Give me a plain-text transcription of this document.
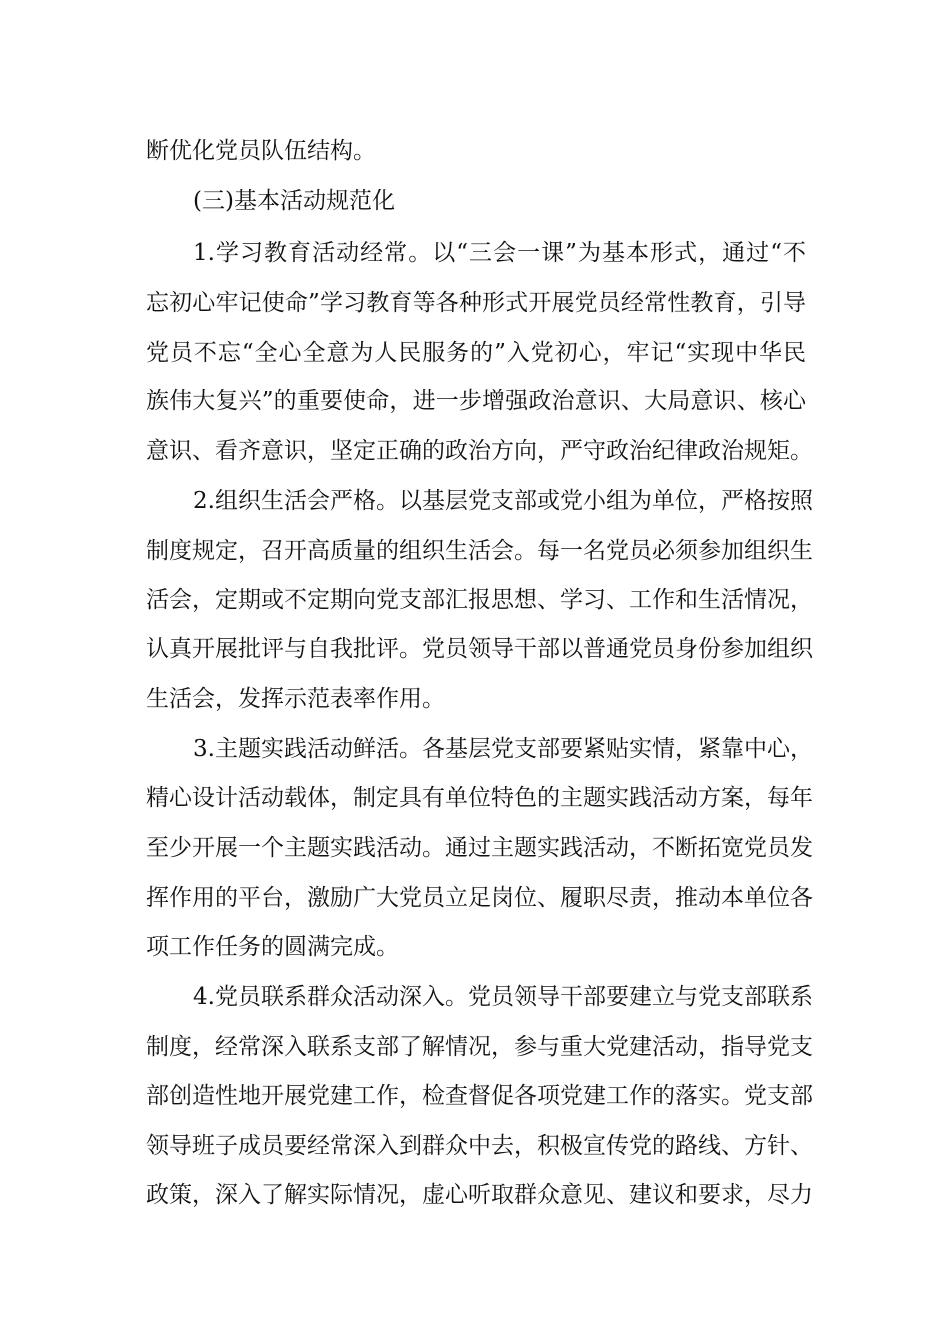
断优化党员队伍结构。
(三)基本活动规范化
1.学习教育活动经常。以“三会一课”为基本形式，通过“不
忘初心牢记使命”学习教育等各种形式开展党员经常性教育，引导
党员不忘“全心全意为人民服务的”入党初心，牢记“实现中华民
族伟大复兴”的重要使命，进一步增强政治意识、大局意识、核心
意识、看齐意识，坚定正确的政治方向，严守政治纪律政治规矩。
2.组织生活会严格。以基层党支部或党小组为单位，严格按照
制度规定，召开高质量的组织生活会。每一名党员必须参加组织生
活会，定期或不定期向党支部汇报思想、学习、工作和生活情况，
认真开展批评与自我批评。党员领导干部以普通党员身份参加组织
生活会，发挥示范表率作用。
3.主题实践活动鲜活。各基层党支部要紧贴实情，紧靠中心，
精心设计活动载体，制定具有单位特色的主题实践活动方案，每年
至少开展一个主题实践活动。通过主题实践活动，不断拓宽党员发
挥作用的平台，激励广大党员立足岗位、履职尽责，推动本单位各
项工作任务的圆满完成。
4.党员联系群众活动深入。党员领导干部要建立与党支部联系
制度，经常深入联系支部了解情况，参与重大党建活动，指导党支
部创造性地开展党建工作，检查督促各项党建工作的落实。党支部
领导班子成员要经常深入到群众中去，积极宣传党的路线、方针、
政策，深入了解实际情况，虚心听取群众意见、建议和要求，尽力
